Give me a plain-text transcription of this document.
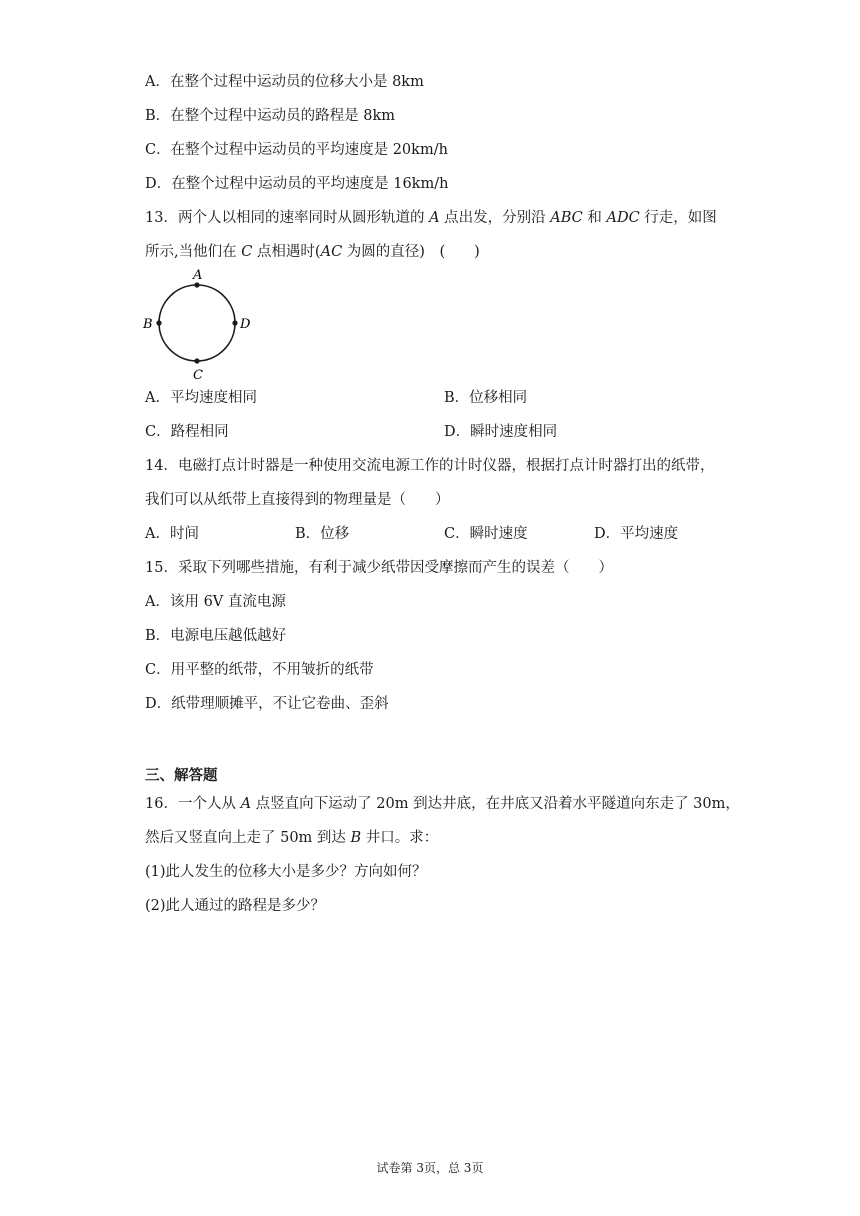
A．在整个过程中运动员的位移大小是 8km
B．在整个过程中运动员的路程是 8km
C．在整个过程中运动员的平均速度是 20km/h
D．在整个过程中运动员的平均速度是 16km/h
13．两个人以相同的速率同时从圆形轨道的 A 点出发，分别沿 ABC 和 ADC 行走，如图
所示,当他们在 C 点相遇时(AC 为圆的直径)　(　　)
A
B	D
C
A．平均速度相同	B．位移相同
C．路程相同	D．瞬时速度相同
14．电磁打点计时器是一种使用交流电源工作的计时仪器，根据打点计时器打出的纸带，
我们可以从纸带上直接得到的物理量是（　　）
A．时间	B．位移	C．瞬时速度	D．平均速度
15．采取下列哪些措施，有利于减少纸带因受摩擦而产生的误差（　　）
A．该用 6V 直流电源
B．电源电压越低越好
C．用平整的纸带，不用皱折的纸带
D．纸带理顺摊平，不让它卷曲、歪斜
三、解答题
16．一个人从 A 点竖直向下运动了 20m 到达井底，在井底又沿着水平隧道向东走了 30m，
然后又竖直向上走了 50m 到达 B 井口。求：
(1)此人发生的位移大小是多少？方向如何？
(2)此人通过的路程是多少？
试卷第 3页，总 3页
